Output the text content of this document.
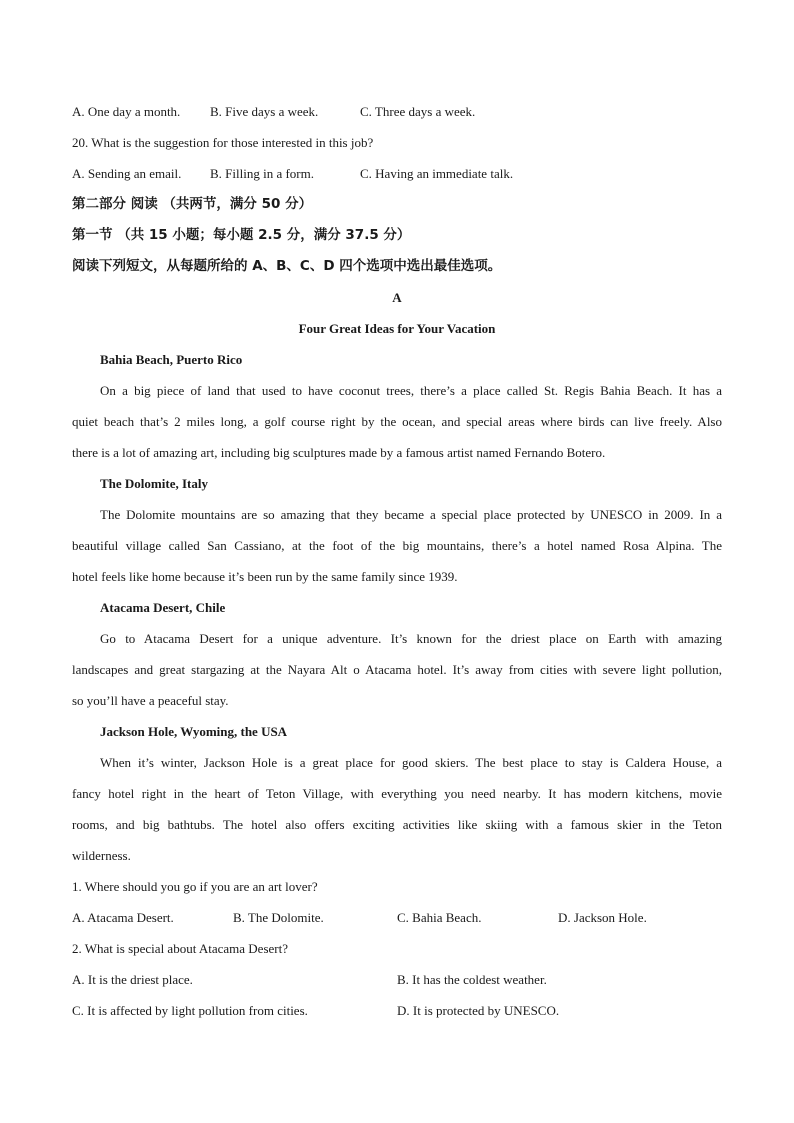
A. One day a month.	B. Five days a week.	C. Three days a week.
20. What is the suggestion for those interested in this job?
A. Sending an email.	B. Filling in a form.	C. Having an immediate talk.
第二部分 阅读 （共两节，满分 50 分）
第一节 （共 15 小题；每小题 2.5 分，满分 37.5 分）
阅读下列短文，从每题所给的 A、B、C、D 四个选项中选出最佳选项。
A
Four Great Ideas for Your Vacation
Bahia Beach, Puerto Rico
On a big piece of land that used to have coconut trees, there’s a place called St. Regis Bahia Beach. It has a
quiet beach that’s 2 miles long, a golf course right by the ocean, and special areas where birds can live freely. Also
there is a lot of amazing art, including big sculptures made by a famous artist named Fernando Botero.
The Dolomite, Italy
The Dolomite mountains are so amazing that they became a special place protected by UNESCO in 2009. In a
beautiful village called San Cassiano, at the foot of the big mountains, there’s a hotel named Rosa Alpina. The
hotel feels like home because it’s been run by the same family since 1939.
Atacama Desert, Chile
Go to Atacama Desert for a unique adventure. It’s known for the driest place on Earth with amazing
landscapes and great stargazing at the Nayara Alt o Atacama hotel. It’s away from cities with severe light pollution,
so you’ll have a peaceful stay.
Jackson Hole, Wyoming, the USA
When it’s winter, Jackson Hole is a great place for good skiers. The best place to stay is Caldera House, a
fancy hotel right in the heart of Teton Village, with everything you need nearby. It has modern kitchens, movie
rooms, and big bathtubs. The hotel also offers exciting activities like skiing with a famous skier in the Teton
wilderness.
1. Where should you go if you are an art lover?
A. Atacama Desert.	B. The Dolomite.	C. Bahia Beach.	D. Jackson Hole.
2. What is special about Atacama Desert?
A. It is the driest place.	B. It has the coldest weather.
C. It is affected by light pollution from cities.	D. It is protected by UNESCO.
